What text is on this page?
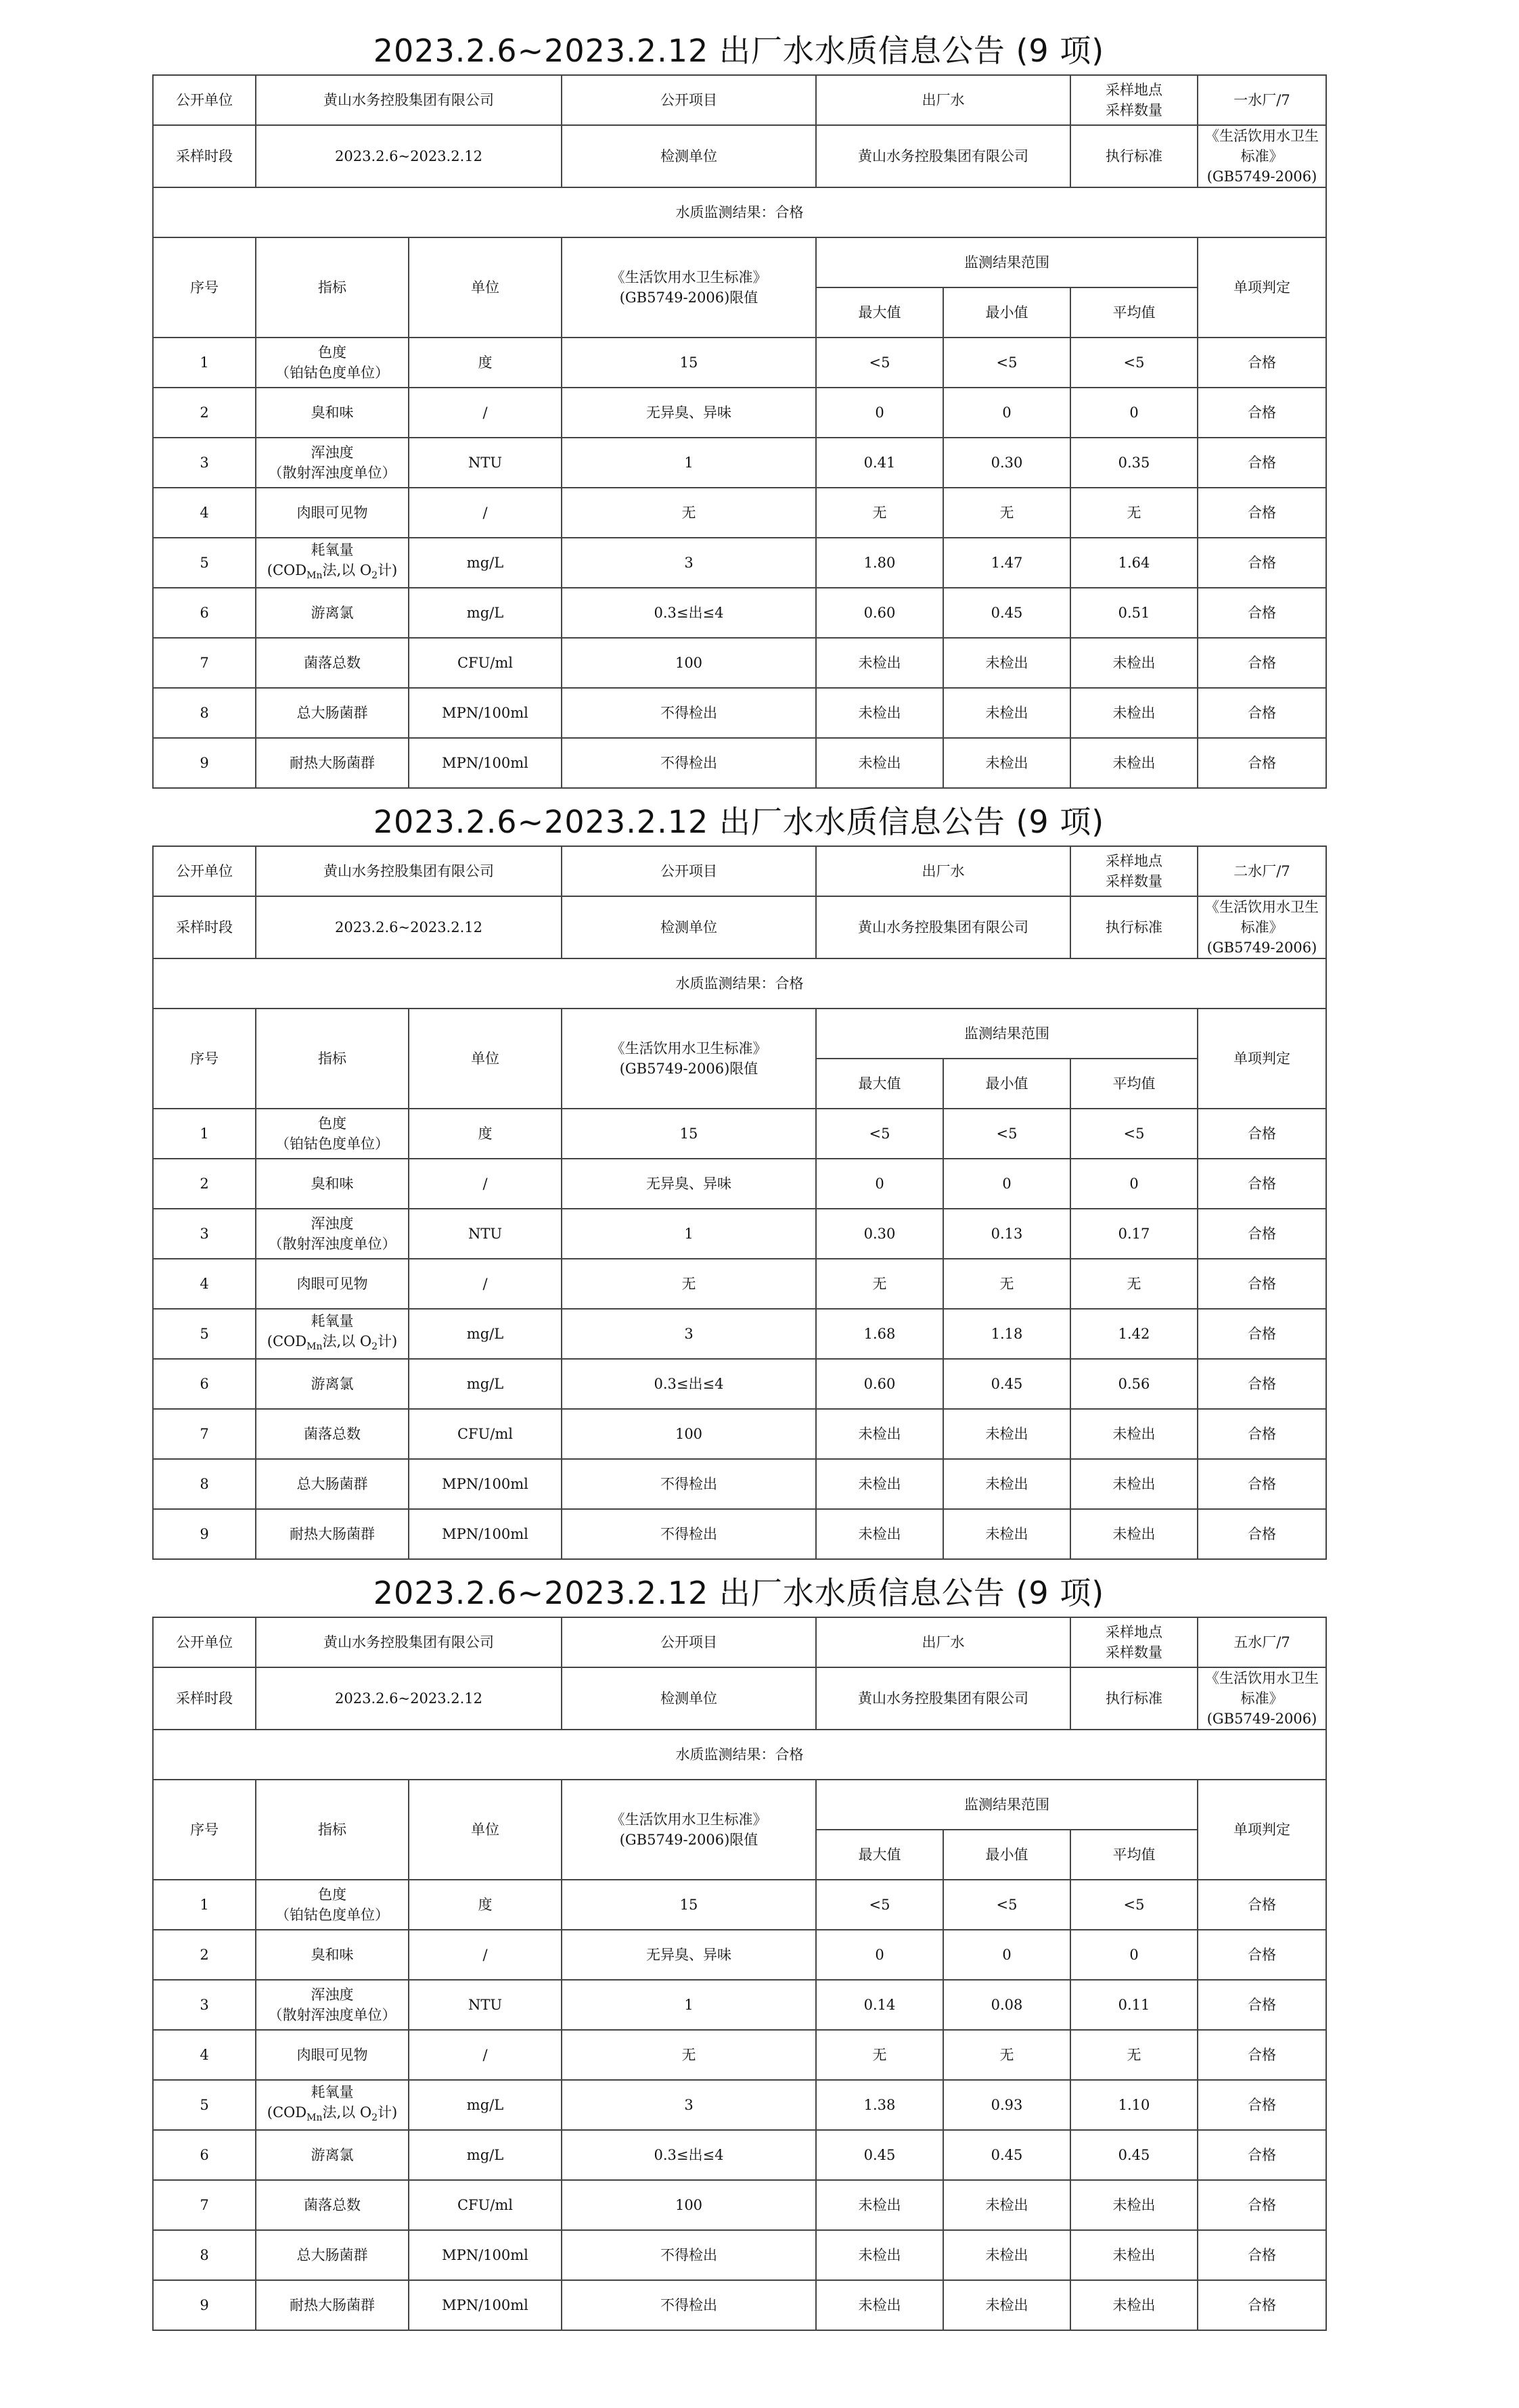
2023.2.6~2023.2.12 出厂水水质信息公告 (9 项)
公开单位	黄山水务控股集团有限公司		公开项目	出厂水		采样地点
采样数量	一水厂/7
采样时段	2023.2.6~2023.2.12		检测单位	黄山水务控股集团有限公司		执行标准	《生活饮用水卫生标准》
(GB5749-2006)

水质监测结果：合格							
序号	指标	单位	《生活饮用水卫生标准》
(GB5749-2006)限值	监测结果范围			单项判定
				最大值	最小值	平均值	
1	色度
（铂钴色度单位）	度	15	<5	<5	<5	合格
2	臭和味	/	无异臭、异味	0	0	0	合格
3	浑浊度
（散射浑浊度单位）	NTU	1	0.41	0.30	0.35	合格
4	肉眼可见物	/	无	无	无	无	合格
5	耗氧量
($COD_{Mn}$法,以 $O_2$计)	mg/L	3	1.80	1.47	1.64	合格
6	游离氯	mg/L	0.3≤出≤4	0.60	0.45	0.51	合格
7	菌落总数	CFU/ml	100	未检出	未检出	未检出	合格
8	总大肠菌群	MPN/100ml	不得检出	未检出	未检出	未检出	合格
9	耐热大肠菌群	MPN/100ml	不得检出	未检出	未检出	未检出	合格
2023.2.6~2023.2.12 出厂水水质信息公告 (9 项)
公开单位	黄山水务控股集团有限公司		公开项目	出厂水		采样地点
采样数量	二水厂/7
采样时段	2023.2.6~2023.2.12		检测单位	黄山水务控股集团有限公司		执行标准	《生活饮用水卫生标准》
(GB5749-2006)

水质监测结果：合格							
序号	指标	单位	《生活饮用水卫生标准》
(GB5749-2006)限值	监测结果范围			单项判定
				最大值	最小值	平均值	
1	色度
（铂钴色度单位）	度	15	<5	<5	<5	合格
2	臭和味	/	无异臭、异味	0	0	0	合格
3	浑浊度
（散射浑浊度单位）	NTU	1	0.30	0.13	0.17	合格
4	肉眼可见物	/	无	无	无	无	合格
5	耗氧量
($COD_{Mn}$法,以 $O_2$计)	mg/L	3	1.68	1.18	1.42	合格
6	游离氯	mg/L	0.3≤出≤4	0.60	0.45	0.56	合格
7	菌落总数	CFU/ml	100	未检出	未检出	未检出	合格
8	总大肠菌群	MPN/100ml	不得检出	未检出	未检出	未检出	合格
9	耐热大肠菌群	MPN/100ml	不得检出	未检出	未检出	未检出	合格
2023.2.6~2023.2.12 出厂水水质信息公告 (9 项)
公开单位	黄山水务控股集团有限公司		公开项目	出厂水		采样地点
采样数量	五水厂/7
采样时段	2023.2.6~2023.2.12		检测单位	黄山水务控股集团有限公司		执行标准	《生活饮用水卫生标准》
(GB5749-2006)

水质监测结果：合格							
序号	指标	单位	《生活饮用水卫生标准》
(GB5749-2006)限值	监测结果范围			单项判定
				最大值	最小值	平均值	
1	色度
（铂钴色度单位）	度	15	<5	<5	<5	合格
2	臭和味	/	无异臭、异味	0	0	0	合格
3	浑浊度
（散射浑浊度单位）	NTU	1	0.14	0.08	0.11	合格
4	肉眼可见物	/	无	无	无	无	合格
5	耗氧量
($COD_{Mn}$法,以 $O_2$计)	mg/L	3	1.38	0.93	1.10	合格
6	游离氯	mg/L	0.3≤出≤4	0.45	0.45	0.45	合格
7	菌落总数	CFU/ml	100	未检出	未检出	未检出	合格
8	总大肠菌群	MPN/100ml	不得检出	未检出	未检出	未检出	合格
9	耐热大肠菌群	MPN/100ml	不得检出	未检出	未检出	未检出	合格
